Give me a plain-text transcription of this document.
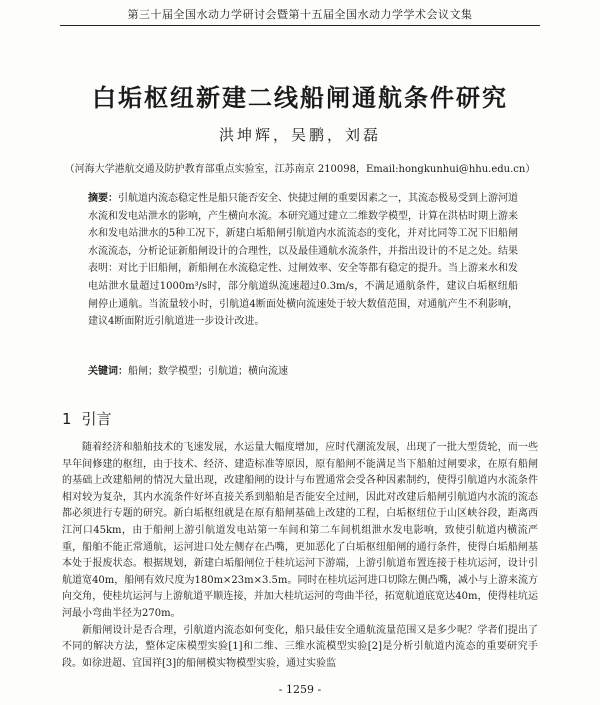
第三十届全国水动力学研讨会暨第十五届全国水动力学学术会议文集
白垢枢纽新建二线船闸通航条件研究
洪坤辉，吴鹏，刘磊
（河海大学港航交通及防护教育部重点实验室，江苏南京 210098，Email:hongkunhui@hhu.edu.cn）
摘要：引航道内流态稳定性是船只能否安全、快捷过闸的重要因素之一，其流态极易受到上游河道水流和发电站泄水的影响，产生横向水流。本研究通过建立二维数学模型，计算在洪枯时期上游来水和发电站泄水的5种工况下，新建白垢船闸引航道内水流流态的变化，并对比同等工况下旧船闸水流流态，分析论证新船闸设计的合理性，以及最佳通航水流条件，并指出设计的不足之处。结果表明：对比于旧船闸，新船闸在水流稳定性、过闸效率、安全等都有稳定的提升。当上游来水和发电站泄水量超过1000m³/s时，部分航道纵流速超过0.3m/s，不满足通航条件，建议白垢枢纽船闸停止通航。当流量较小时，引航道4断面处横向流速处于较大数值范围，对通航产生不利影响，建议4断面附近引航道进一步设计改进。
关键词：船闸；数学模型；引航道；横向流速
1 引言

随着经济和船舶技术的飞速发展，水运量大幅度增加，应时代潮流发展，出现了一批大型货轮，而一些早年间修建的枢纽，由于技术、经济、建造标准等原因，原有船闸不能满足当下船舶过闸要求，在原有船闸的基础上改建船闸的情况大量出现，改建船闸的设计与布置通常会受各种因素制约，使得引航道内水流条件相对较为复杂，其内水流条件好坏直接关系到船舶是否能安全过闸，因此对改建后船闸引航道内水流的流态都必须进行专题的研究。新白垢枢纽就是在原有船闸基础上改建的工程，白垢枢纽位于山区峡谷段，距离西江河口45km，由于船闸上游引航道发电站第一车间和第二车间机组泄水发电影响，致使引航道内横流严重，船舶不能正常通航，运河进口处左侧存在凸嘴，更加恶化了白垢枢纽船闸的通行条件，使得白垢船闸基本处于报废状态。根据规划，新建白垢船闸位于桂坑运河下游端，上游引航道布置连接于桂坑运河，设计引航道宽40m，船闸有效尺度为180m×23m×3.5m。同时在桂坑运河进口切除左侧凸嘴，减小与上游来流方向交角，使桂坑运河与上游航道平顺连接，并加大桂坑运河的弯曲半径，拓宽航道底宽达40m，使得桂坑运河最小弯曲半径为270m。

新船闸设计是否合理，引航道内流态如何变化，船只最佳安全通航流量范围又是多少呢？学者们提出了不同的解决方法，整体定床模型实验[1]和二维、三维水流模型实验[2]是分析引航道内流态的重要研究手段。如徐进超、宜国祥[3]的船闸模实物模型实验，通过实验监

- 1259 -
